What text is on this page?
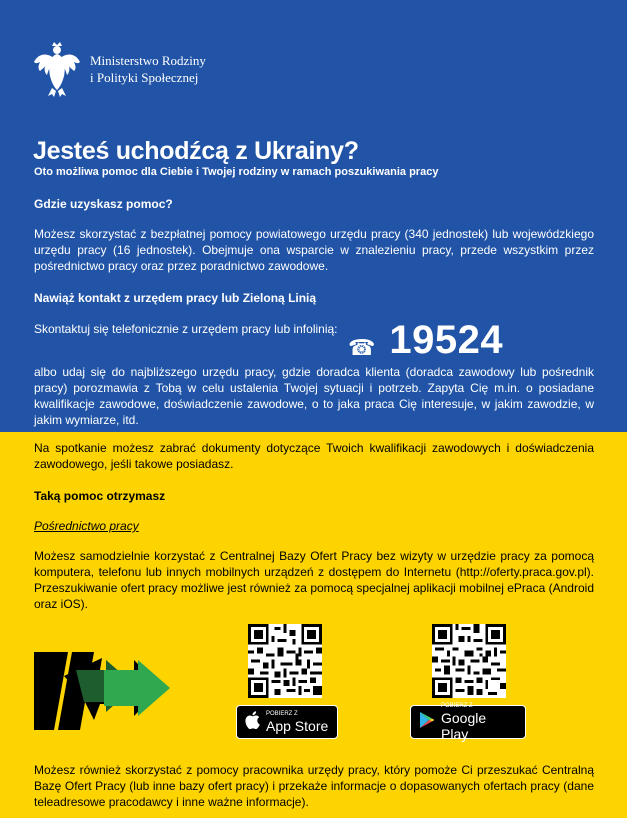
Ministerstwo Rodziny
i Polityki Społecznej
Jesteś uchodźcą z Ukrainy?
Oto możliwa pomoc dla Ciebie i Twojej rodziny w ramach poszukiwania pracy
Gdzie uzyskasz pomoc?
Możesz skorzystać z bezpłatnej pomocy powiatowego urzędu pracy (340 jednostek) lub wojewódzkiego urzędu pracy (16 jednostek). Obejmuje ona wsparcie w znalezieniu pracy, przede wszystkim przez pośrednictwo pracy oraz przez poradnictwo zawodowe.
Nawiąż kontakt z urzędem pracy lub Zieloną Linią
Skontaktuj się telefonicznie z urzędem pracy lub infolinią:
☎ 19524
albo udaj się do najbliższego urzędu pracy, gdzie doradca klienta (doradca zawodowy lub pośrednik pracy) porozmawia z Tobą w celu ustalenia Twojej sytuacji i potrzeb. Zapyta Cię m.in. o posiadane kwalifikacje zawodowe, doświadczenie zawodowe, o to jaka praca Cię interesuje, w jakim zawodzie, w jakim wymiarze, itd.
Na spotkanie możesz zabrać dokumenty dotyczące Twoich kwalifikacji zawodowych i doświadczenia zawodowego, jeśli takowe posiadasz.
Taką pomoc otrzymasz
Pośrednictwo pracy
Możesz samodzielnie korzystać z Centralnej Bazy Ofert Pracy bez wizyty w urzędzie pracy za pomocą komputera, telefonu lub innych mobilnych urządzeń z dostępem do Internetu (http://oferty.praca.gov.pl). Przeszukiwanie ofert pracy możliwe jest również za pomocą specjalnej aplikacji mobilnej ePraca (Android oraz iOS).
POBIERZ Z
App Store
POBIERZ Z
Google Play
Możesz również skorzystać z pomocy pracownika urzędy pracy, który pomoże Ci przeszukać Centralną Bazę Ofert Pracy (lub inne bazy ofert pracy) i przekaże informacje o dopasowanych ofertach pracy (dane teleadresowe pracodawcy i inne ważne informacje).
